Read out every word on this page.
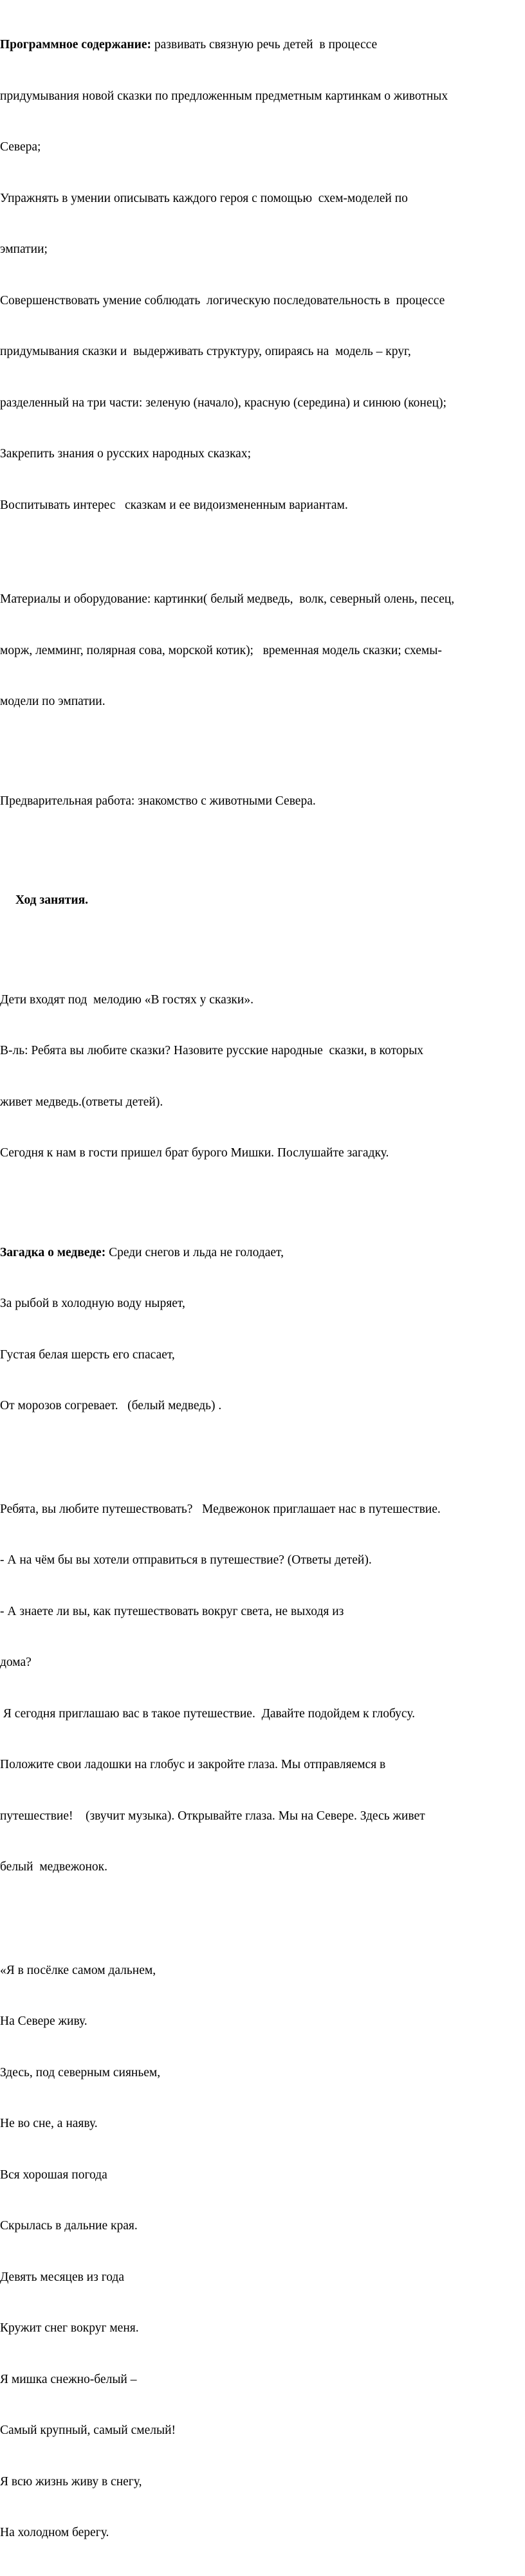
Программное содержание: развивать связную речь детей  в процессе

придумывания новой сказки по предложенным предметным картинкам о животных

Севера;

Упражнять в умении описывать каждого героя с помощью  схем-моделей по

эмпатии;

Совершенствовать умение соблюдать  логическую последовательность в  процессе

придумывания сказки и  выдерживать структуру, опираясь на  модель – круг,

разделенный на три части: зеленую (начало), красную (середина) и синюю (конец);

Закрепить знания о русских народных сказках;

Воспитывать интерес   сказкам и ее видоизмененным вариантам.

Материалы и оборудование: картинки( белый медведь,  волк, северный олень, песец,

морж, лемминг, полярная сова, морской котик);   временная модель сказки; схемы-

модели по эмпатии.

Предварительная работа: знакомство с животными Севера.

Ход занятия.

Дети входят под  мелодию «В гостях у сказки».

В-ль: Ребята вы любите сказки? Назовите русские народные  сказки, в которых

живет медведь.(ответы детей).

Сегодня к нам в гости пришел брат бурого Мишки. Послушайте загадку.

Загадка о медведе: Среди снегов и льда не голодает,

За рыбой в холодную воду ныряет,

Густая белая шерсть его спасает,

От морозов согревает.   (белый медведь) .

Ребята, вы любите путешествовать?   Медвежонок приглашает нас в путешествие.

- А на чём бы вы хотели отправиться в путешествие? (Ответы детей).

- А знаете ли вы, как путешествовать вокруг света, не выходя из

дома?

Я сегодня приглашаю вас в такое путешествие.  Давайте подойдем к глобусу.

Положите свои ладошки на глобус и закройте глаза. Мы отправляемся в

путешествие!    (звучит музыка). Открывайте глаза. Мы на Севере. Здесь живет

белый  медвежонок.

«Я в посёлке самом дальнем,

На Севере живу.

Здесь, под северным сияньем,

Не во сне, а наяву.

Вся хорошая погода

Скрылась в дальние края.

Девять месяцев из года

Кружит снег вокруг меня.

Я мишка снежно-белый –

Самый крупный, самый смелый!

Я всю жизнь живу в снегу,

На холодном берегу.
